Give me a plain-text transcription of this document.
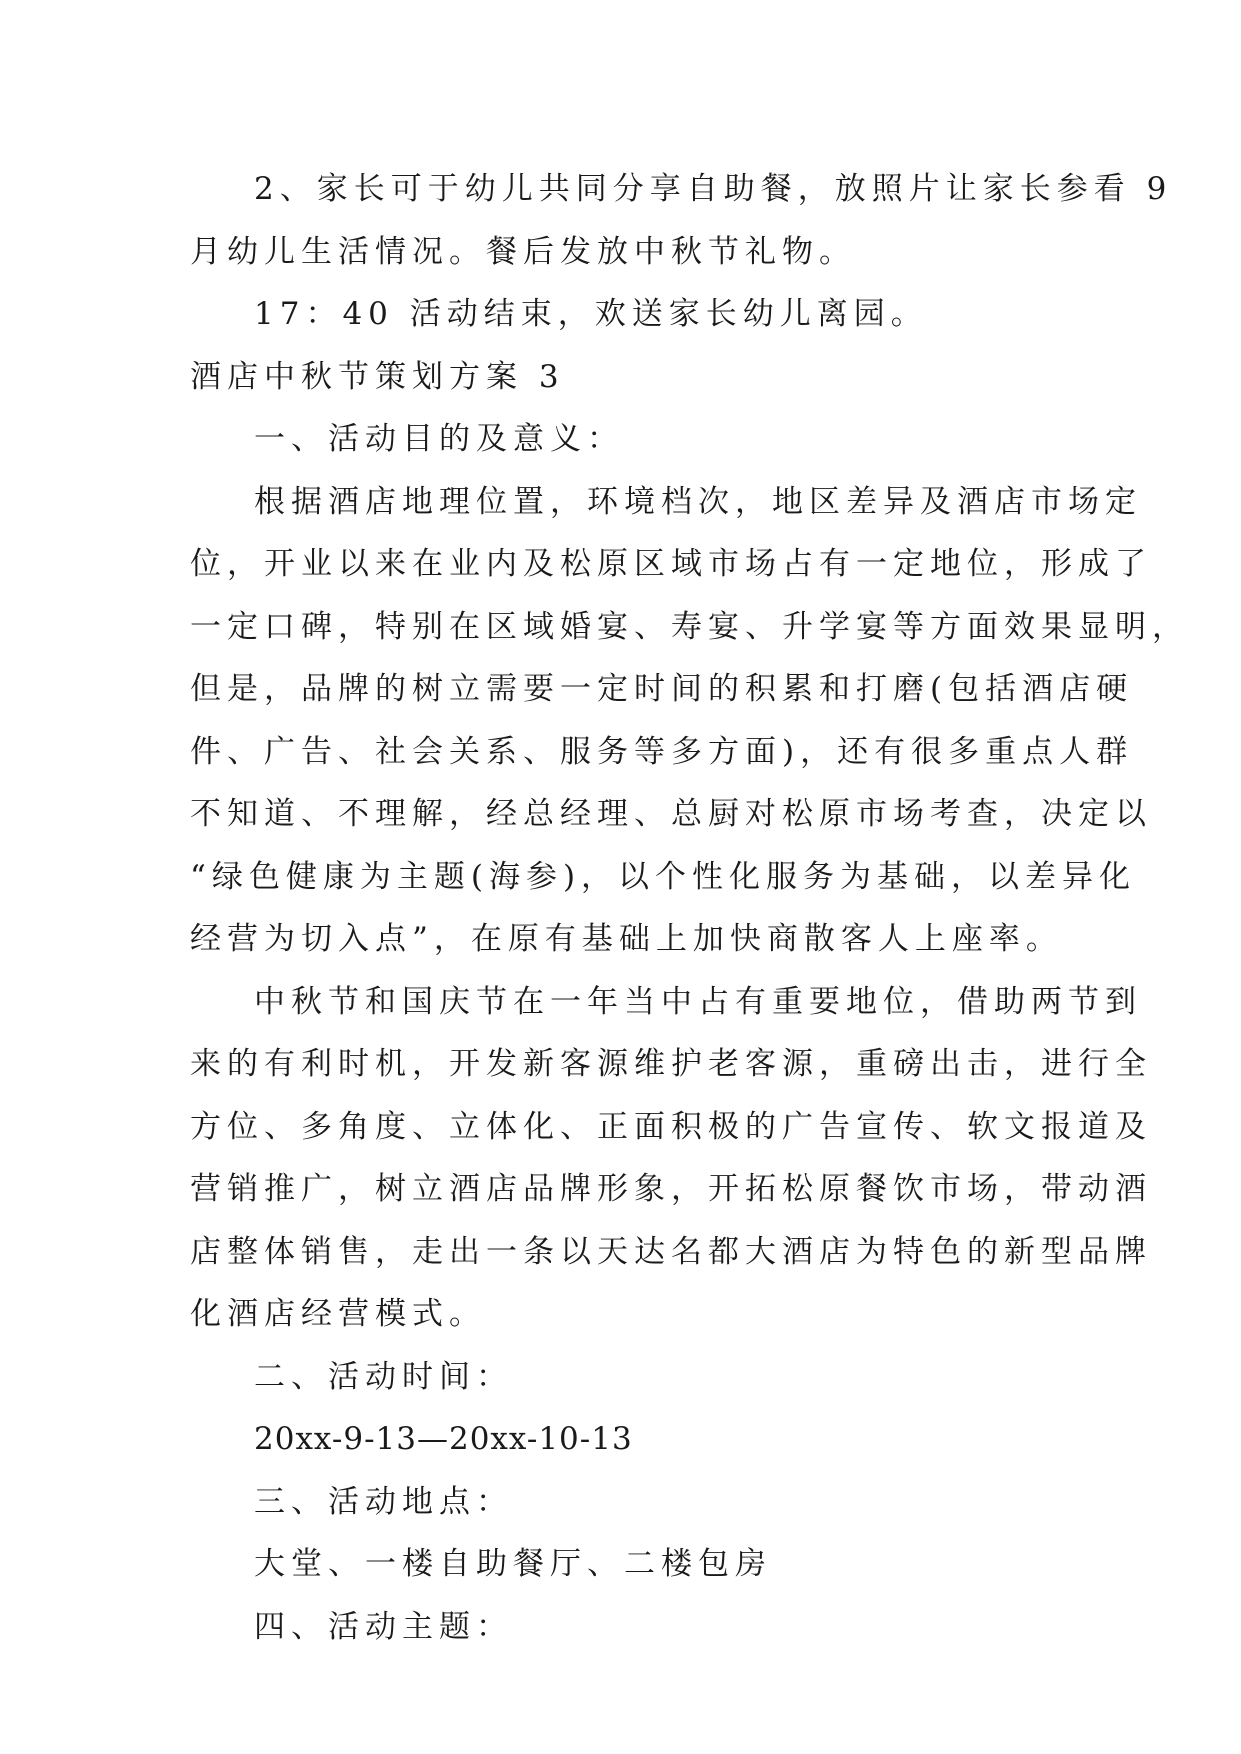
2、家长可于幼儿共同分享自助餐，放照片让家长参看 9
月幼儿生活情况。餐后发放中秋节礼物。
17：40 活动结束，欢送家长幼儿离园。
酒店中秋节策划方案 3
一、活动目的及意义：
根据酒店地理位置，环境档次，地区差异及酒店市场定
位，开业以来在业内及松原区域市场占有一定地位，形成了
一定口碑，特别在区域婚宴、寿宴、升学宴等方面效果显明，
但是，品牌的树立需要一定时间的积累和打磨(包括酒店硬
件、广告、社会关系、服务等多方面)，还有很多重点人群
不知道、不理解，经总经理、总厨对松原市场考查，决定以
“绿色健康为主题(海参)，以个性化服务为基础，以差异化
经营为切入点”，在原有基础上加快商散客人上座率。
中秋节和国庆节在一年当中占有重要地位，借助两节到
来的有利时机，开发新客源维护老客源，重磅出击，进行全
方位、多角度、立体化、正面积极的广告宣传、软文报道及
营销推广，树立酒店品牌形象，开拓松原餐饮市场，带动酒
店整体销售，走出一条以天达名都大酒店为特色的新型品牌
化酒店经营模式。
二、活动时间：
20xx-9-13—20xx-10-13
三、活动地点：
大堂、一楼自助餐厅、二楼包房
四、活动主题：
